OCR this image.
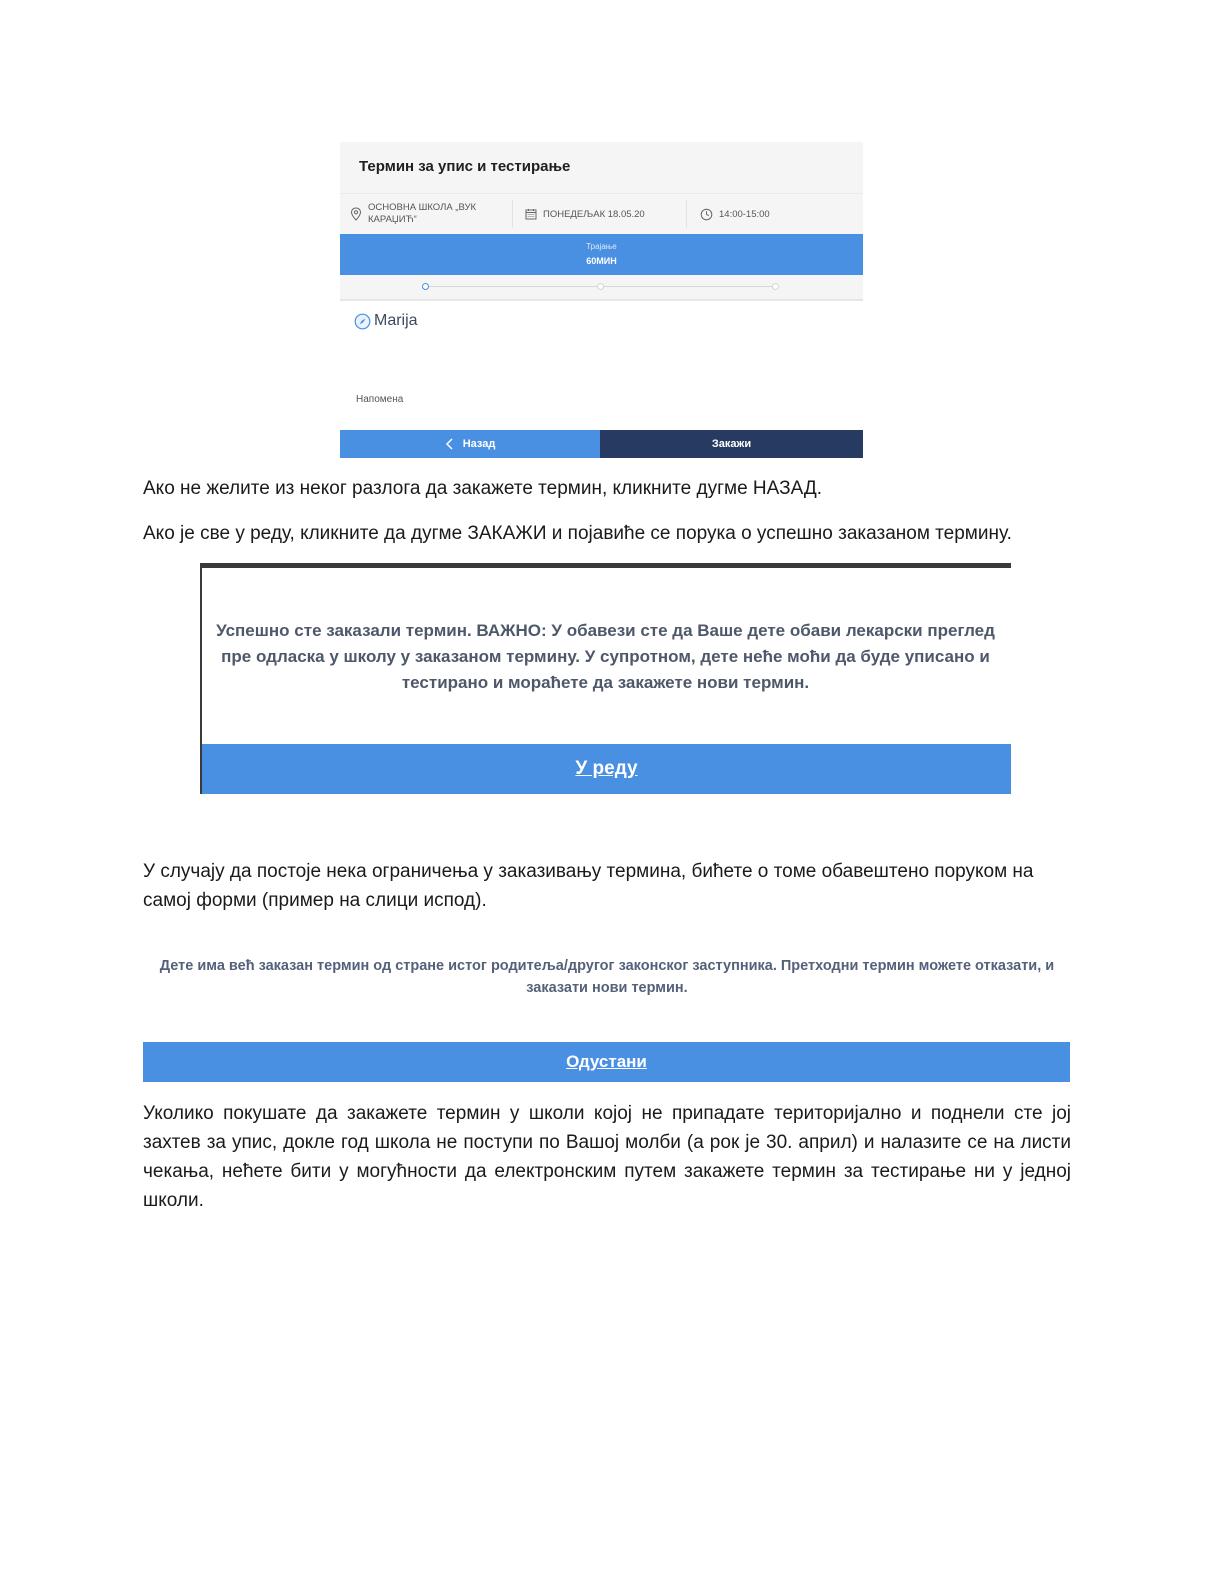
Термин за упис и тестирање
ОСНОВНА ШКОЛА „ВУК
КАРАЏИЋ“	ПОНЕДЕЉАК 18.05.20	14:00-15:00
Трајање
60МИН
Marija
Напомена
Назад	Закажи
Ако не желите из неког разлога да закажете термин, кликните дугме НАЗАД.
Ако је све у реду, кликните да дугме ЗАКАЖИ и појавиће се порука о успешно заказаном термину.
Успешно сте заказали термин. ВАЖНО: У обавези сте да Ваше дете обави лекарски преглед пре одласка у школу у заказаном термину. У супротном, дете неће моћи да буде уписано и тестирано и мораћете да закажете нови термин.
У реду
У случају да постоје нека ограничења у заказивању термина, бићете о томе обавештено поруком на самој форми (пример на слици испод).
Дете има већ заказан термин од стране истог родитеља/другог законског заступника. Претходни термин можете отказати, и заказати нови термин.
Одустани
Уколико покушате да закажете термин у школи којој не припадате територијално и поднели сте јој захтев за упис, докле год школа не поступи по Вашој молби (а рок је 30. април) и налазите се на листи чекања, нећете бити у могућности да електронским путем закажете термин за тестирање ни у једној школи.
